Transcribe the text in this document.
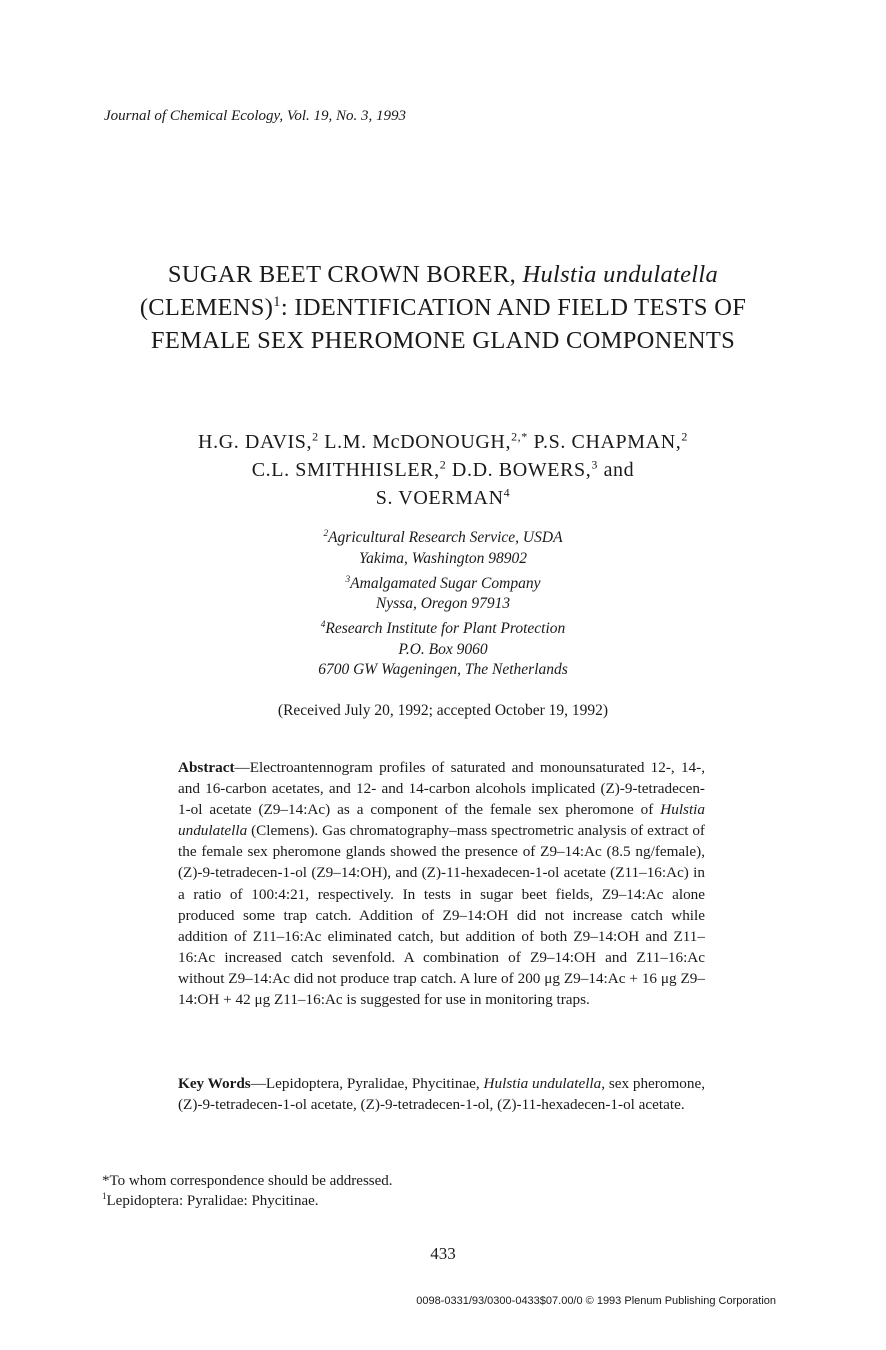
Journal of Chemical Ecology, Vol. 19, No. 3, 1993
SUGAR BEET CROWN BORER, Hulstia undulatella
(CLEMENS)$^1$: IDENTIFICATION AND FIELD TESTS OF
FEMALE SEX PHEROMONE GLAND COMPONENTS
H.G. DAVIS,$^2$ L.M. McDONOUGH,$^{2,*}$ P.S. CHAPMAN,$^2$
C.L. SMITHHISLER,$^2$ D.D. BOWERS,$^3$ and
S. VOERMAN$^4$
$^2$Agricultural Research Service, USDA
Yakima, Washington 98902
$^3$Amalgamated Sugar Company
Nyssa, Oregon 97913
$^4$Research Institute for Plant Protection
P.O. Box 9060
6700 GW Wageningen, The Netherlands
(Received July 20, 1992; accepted October 19, 1992)
Abstract—Electroantennogram profiles of saturated and monounsaturated 12-, 14-, and 16-carbon acetates, and 12- and 14-carbon alcohols implicated (Z)-9-tetradecen-1-ol acetate (Z9–14:Ac) as a component of the female sex pheromone of Hulstia undulatella (Clemens). Gas chromatography–mass spectrometric analysis of extract of the female sex pheromone glands showed the presence of Z9–14:Ac (8.5 ng/female), (Z)-9-tetradecen-1-ol (Z9–14:OH), and (Z)-11-hexadecen-1-ol acetate (Z11–16:Ac) in a ratio of 100:4:21, respectively. In tests in sugar beet fields, Z9–14:Ac alone produced some trap catch. Addition of Z9–14:OH did not increase catch while addition of Z11–16:Ac eliminated catch, but addition of both Z9–14:OH and Z11–16:Ac increased catch sevenfold. A combination of Z9–14:OH and Z11–16:Ac without Z9–14:Ac did not produce trap catch. A lure of 200 μg Z9–14:Ac + 16 μg Z9–14:OH + 42 μg Z11–16:Ac is suggested for use in monitoring traps.
Key Words—Lepidoptera, Pyralidae, Phycitinae, Hulstia undulatella, sex pheromone, (Z)-9-tetradecen-1-ol acetate, (Z)-9-tetradecen-1-ol, (Z)-11-hexadecen-1-ol acetate.
*To whom correspondence should be addressed.
$^1$Lepidoptera: Pyralidae: Phycitinae.
433
0098-0331/93/0300-0433$07.00/0 © 1993 Plenum Publishing Corporation
